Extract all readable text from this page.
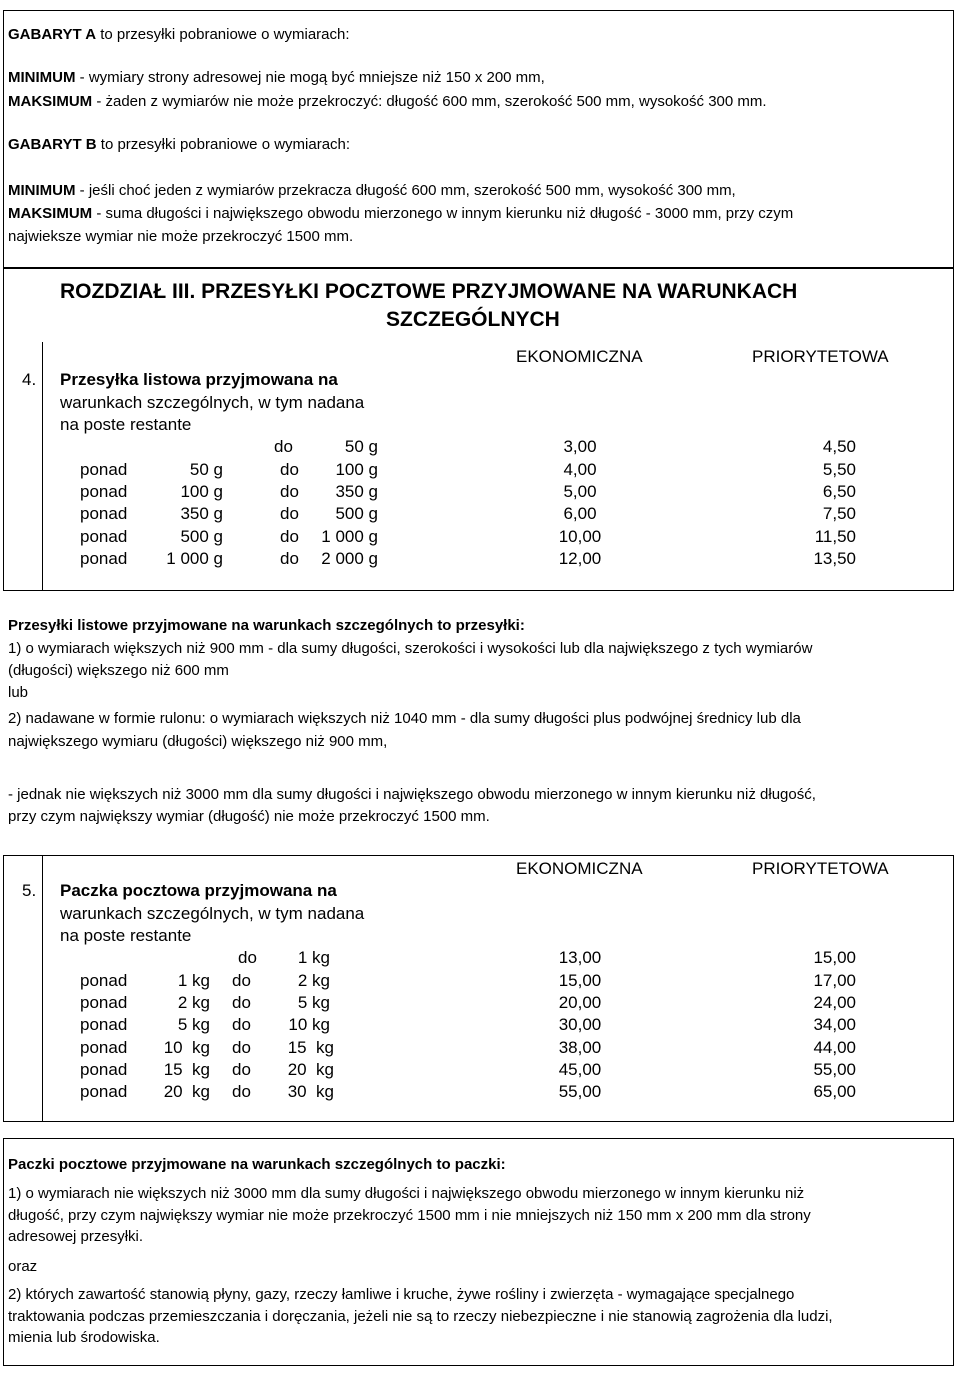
GABARYT A to przesyłki pobraniowe o wymiarach:
MINIMUM - wymiary strony adresowej nie mogą być mniejsze niż 150 x 200 mm,
MAKSIMUM - żaden z wymiarów nie może przekroczyć: długość 600 mm, szerokość 500 mm, wysokość 300 mm.
GABARYT B to przesyłki pobraniowe o wymiarach:
MINIMUM - jeśli choć jeden z wymiarów przekracza długość 600 mm, szerokość 500 mm, wysokość 300 mm,
MAKSIMUM - suma długości i największego obwodu mierzonego w innym kierunku niż długość - 3000 mm, przy czym
najwieksze wymiar nie może przekroczyć 1500 mm.
ROZDZIAŁ III. PRZESYŁKI POCZTOWE PRZYJMOWANE NA WARUNKACH
SZCZEGÓLNYCH
EKONOMICZNA	PRIORYTETOWA
4. Przesyłka listowa przyjmowana na
warunkach szczególnych, w tym nadana
na poste restante
do	50 g	3,00	4,50
ponad	50 g	do	100 g	4,00	5,50
ponad	100 g	do	350 g	5,00	6,50
ponad	350 g	do	500 g	6,00	7,50
ponad	500 g	do	1 000 g	10,00	11,50
ponad	1 000 g	do	2 000 g	12,00	13,50
Przesyłki listowe przyjmowane na warunkach szczególnych to przesyłki:
1) o wymiarach większych niż 900 mm - dla sumy długości, szerokości i wysokości lub dla największego z tych wymiarów
(długości) większego niż 600 mm
lub
2) nadawane w formie rulonu: o wymiarach większych niż 1040 mm - dla sumy długości plus podwójnej średnicy lub dla
największego wymiaru (długości) większego niż 900 mm,
- jednak nie większych niż 3000 mm dla sumy długości i największego obwodu mierzonego w innym kierunku niż długość,
przy czym największy wymiar (długość) nie może przekroczyć 1500 mm.
EKONOMICZNA	PRIORYTETOWA
5. Paczka pocztowa przyjmowana na
warunkach szczególnych, w tym nadana
na poste restante
do	1 kg	13,00	15,00
ponad	1 kg do	2 kg	15,00	17,00
ponad	2 kg do	5 kg	20,00	24,00
ponad	5 kg do	10 kg	30,00	34,00
ponad	10  kg do	15  kg	38,00	44,00
ponad	15  kg do	20  kg	45,00	55,00
ponad	20  kg do	30  kg	55,00	65,00
Paczki pocztowe przyjmowane na warunkach szczególnych to paczki:
1) o wymiarach nie większych niż 3000 mm dla sumy długości i największego obwodu mierzonego w innym kierunku niż
długość, przy czym największy wymiar nie może przekroczyć 1500 mm i nie mniejszych niż 150 mm x 200 mm dla strony
adresowej przesyłki.
oraz
2) których zawartość stanowią płyny, gazy, rzeczy łamliwe i kruche, żywe rośliny i zwierzęta - wymagające specjalnego
traktowania podczas przemieszczania i doręczania, jeżeli nie są to rzeczy niebezpieczne i nie stanowią zagrożenia dla ludzi,
mienia lub środowiska.
